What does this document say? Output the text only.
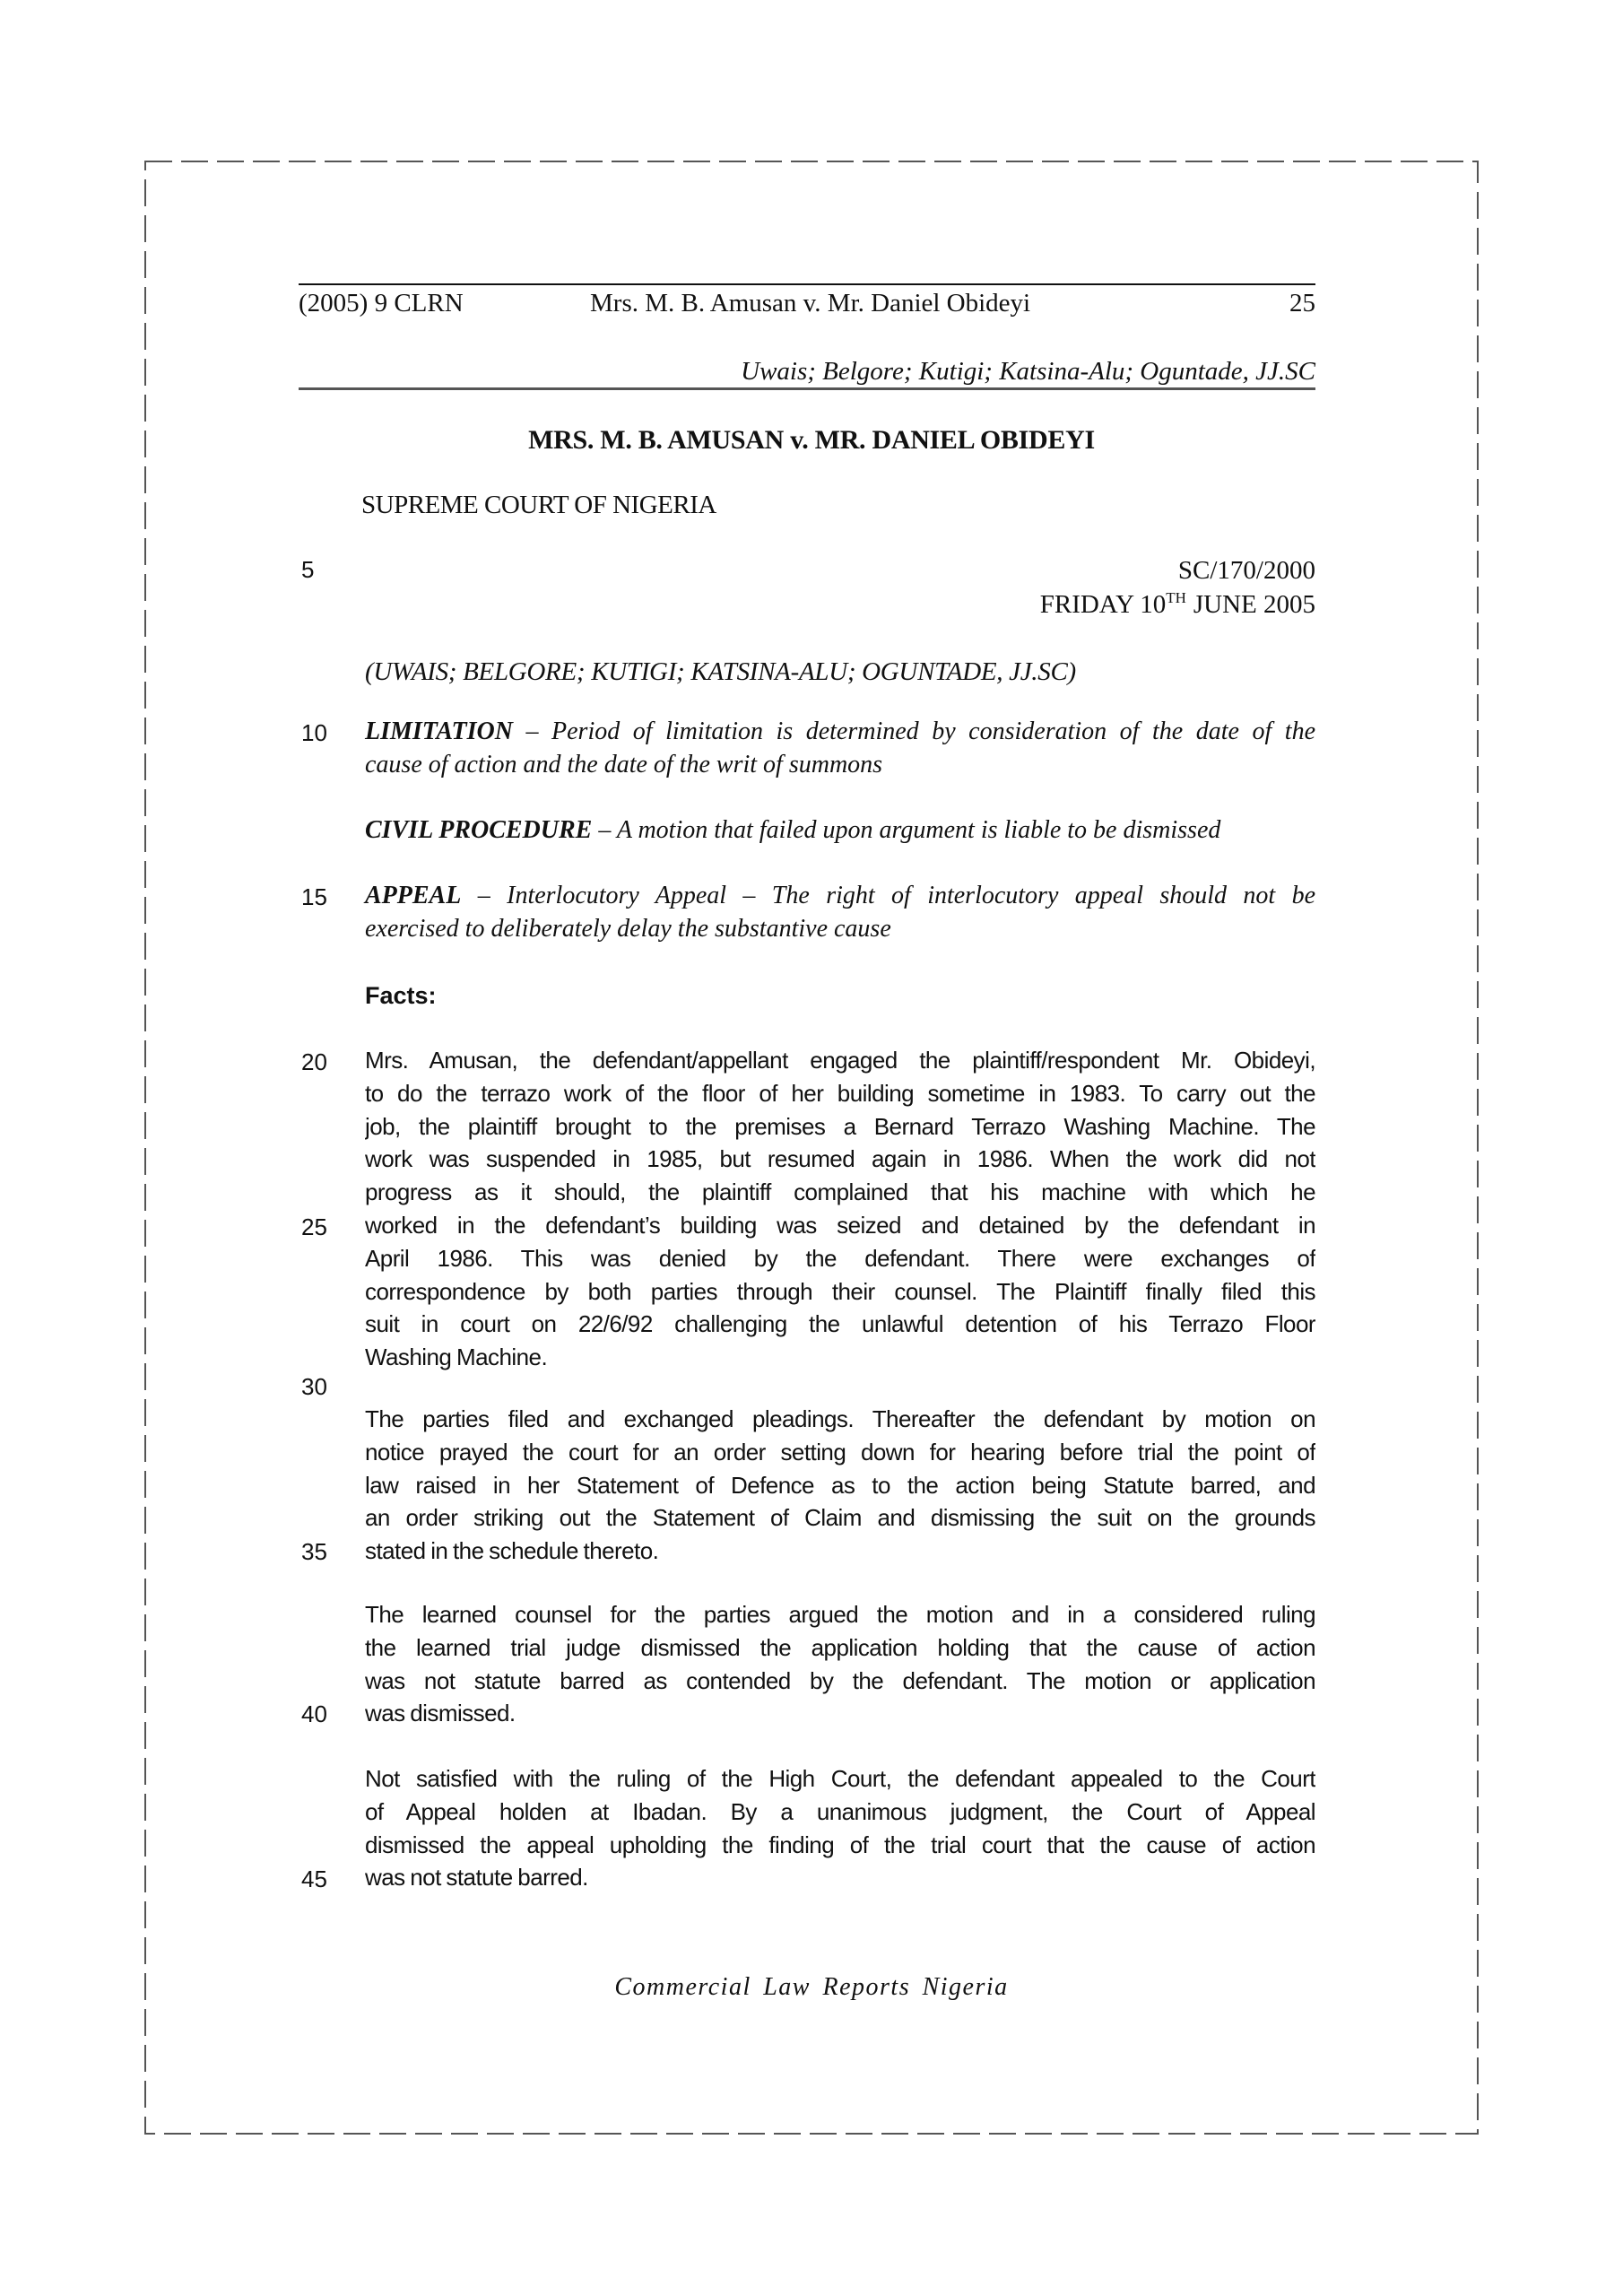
(2005) 9 CLRN	Mrs. M. B. Amusan v. Mr. Daniel Obideyi	25
Uwais; Belgore; Kutigi; Katsina-Alu; Oguntade, JJ.SC
MRS. M. B. AMUSAN v. MR. DANIEL OBIDEYI
SUPREME COURT OF NIGERIA
SC/170/2000
FRIDAY 10TH JUNE 2005
(UWAIS; BELGORE; KUTIGI; KATSINA-ALU; OGUNTADE, JJ.SC)
5
10
15
20
25
30
35
40
45
LIMITATION – Period of limitation is determined by consideration of the date of the
cause of action and the date of the writ of summons
CIVIL PROCEDURE – A motion that failed upon argument is liable to be dismissed
APPEAL – Interlocutory Appeal – The right of interlocutory appeal should not be
exercised to deliberately delay the substantive cause
Facts:
Mrs. Amusan, the defendant/appellant engaged the plaintiff/respondent Mr. Obideyi,
to do the terrazo work of the floor of her building sometime in 1983. To carry out the
job, the plaintiff brought to the premises a Bernard Terrazo Washing Machine. The
work was suspended in 1985, but resumed again in 1986. When the work did not
progress as it should, the plaintiff complained that his machine with which he
worked in the defendant’s building was seized and detained by the defendant in
April 1986. This was denied by the defendant. There were exchanges of
correspondence by both parties through their counsel. The Plaintiff finally filed this
suit in court on 22/6/92 challenging the unlawful detention of his Terrazo Floor
Washing Machine.
The parties filed and exchanged pleadings. Thereafter the defendant by motion on
notice prayed the court for an order setting down for hearing before trial the point of
law raised in her Statement of Defence as to the action being Statute barred, and
an order striking out the Statement of Claim and dismissing the suit on the grounds
stated in the schedule thereto.
The learned counsel for the parties argued the motion and in a considered ruling
the learned trial judge dismissed the application holding that the cause of action
was not statute barred as contended by the defendant. The motion or application
was dismissed.
Not satisfied with the ruling of the High Court, the defendant appealed to the Court
of Appeal holden at Ibadan. By a unanimous judgment, the Court of Appeal
dismissed the appeal upholding the finding of the trial court that the cause of action
was not statute barred.
Commercial Law Reports Nigeria
